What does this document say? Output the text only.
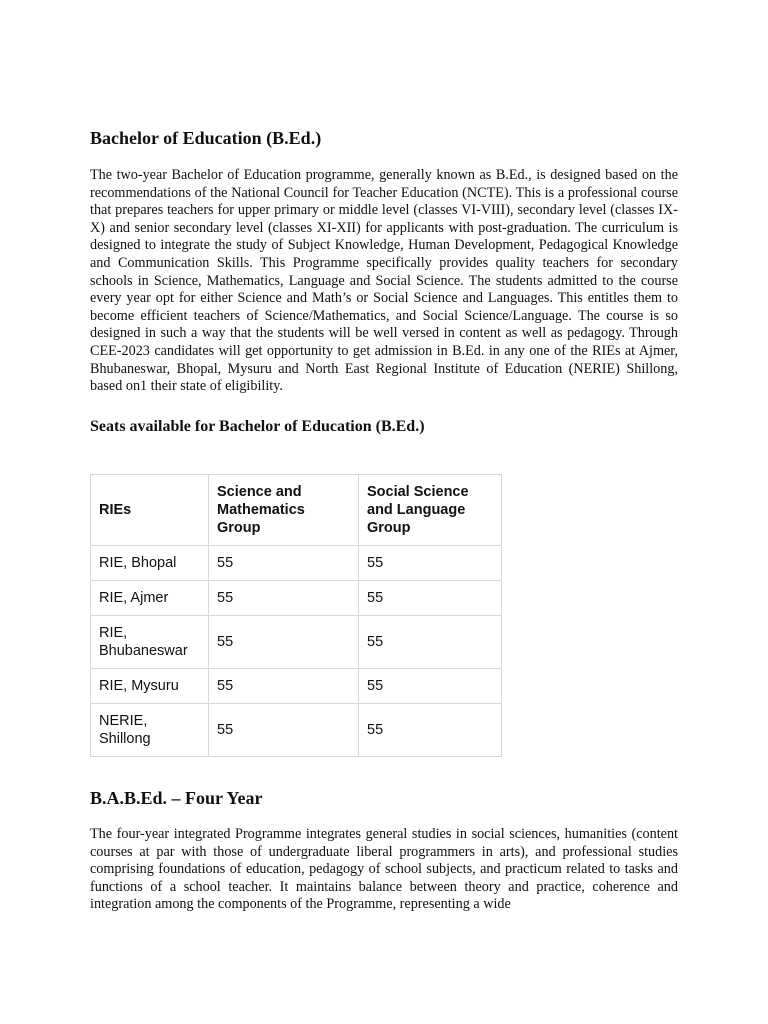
Bachelor of Education (B.Ed.)

The two-year Bachelor of Education programme, generally known as B.Ed., is designed based on the recommendations of the National Council for Teacher Education (NCTE). This is a professional course that prepares teachers for upper primary or middle level (classes VI-VIII), secondary level (classes IX-X) and senior secondary level (classes XI-XII) for applicants with post-graduation. The curriculum is designed to integrate the study of Subject Knowledge, Human Development, Pedagogical Knowledge and Communication Skills. This Programme specifically provides quality teachers for secondary schools in Science, Mathematics, Language and Social Science. The students admitted to the course every year opt for either Science and Math’s or Social Science and Languages. This entitles them to become efficient teachers of Science/Mathematics, and Social Science/Language. The course is so designed in such a way that the students will be well versed in content as well as pedagogy. Through CEE-2023 candidates will get opportunity to get admission in B.Ed. in any one of the RIEs at Ajmer, Bhubaneswar, Bhopal, Mysuru and North East Regional Institute of Education (NERIE) Shillong, based on1 their state of eligibility.

Seats available for Bachelor of Education (B.Ed.)
RIEs	Science and Mathematics Group	Social Science and Language Group
RIE, Bhopal	55	55
RIE, Ajmer	55	55
RIE, Bhubaneswar	55	55
RIE, Mysuru	55	55
NERIE, Shillong	55	55
B.A.B.Ed. – Four Year

The four-year integrated Programme integrates general studies in social sciences, humanities (content courses at par with those of undergraduate liberal programmers in arts), and professional studies comprising foundations of education, pedagogy of school subjects, and practicum related to tasks and functions of a school teacher. It maintains balance between theory and practice, coherence and integration among the components of the Programme, representing a wide
